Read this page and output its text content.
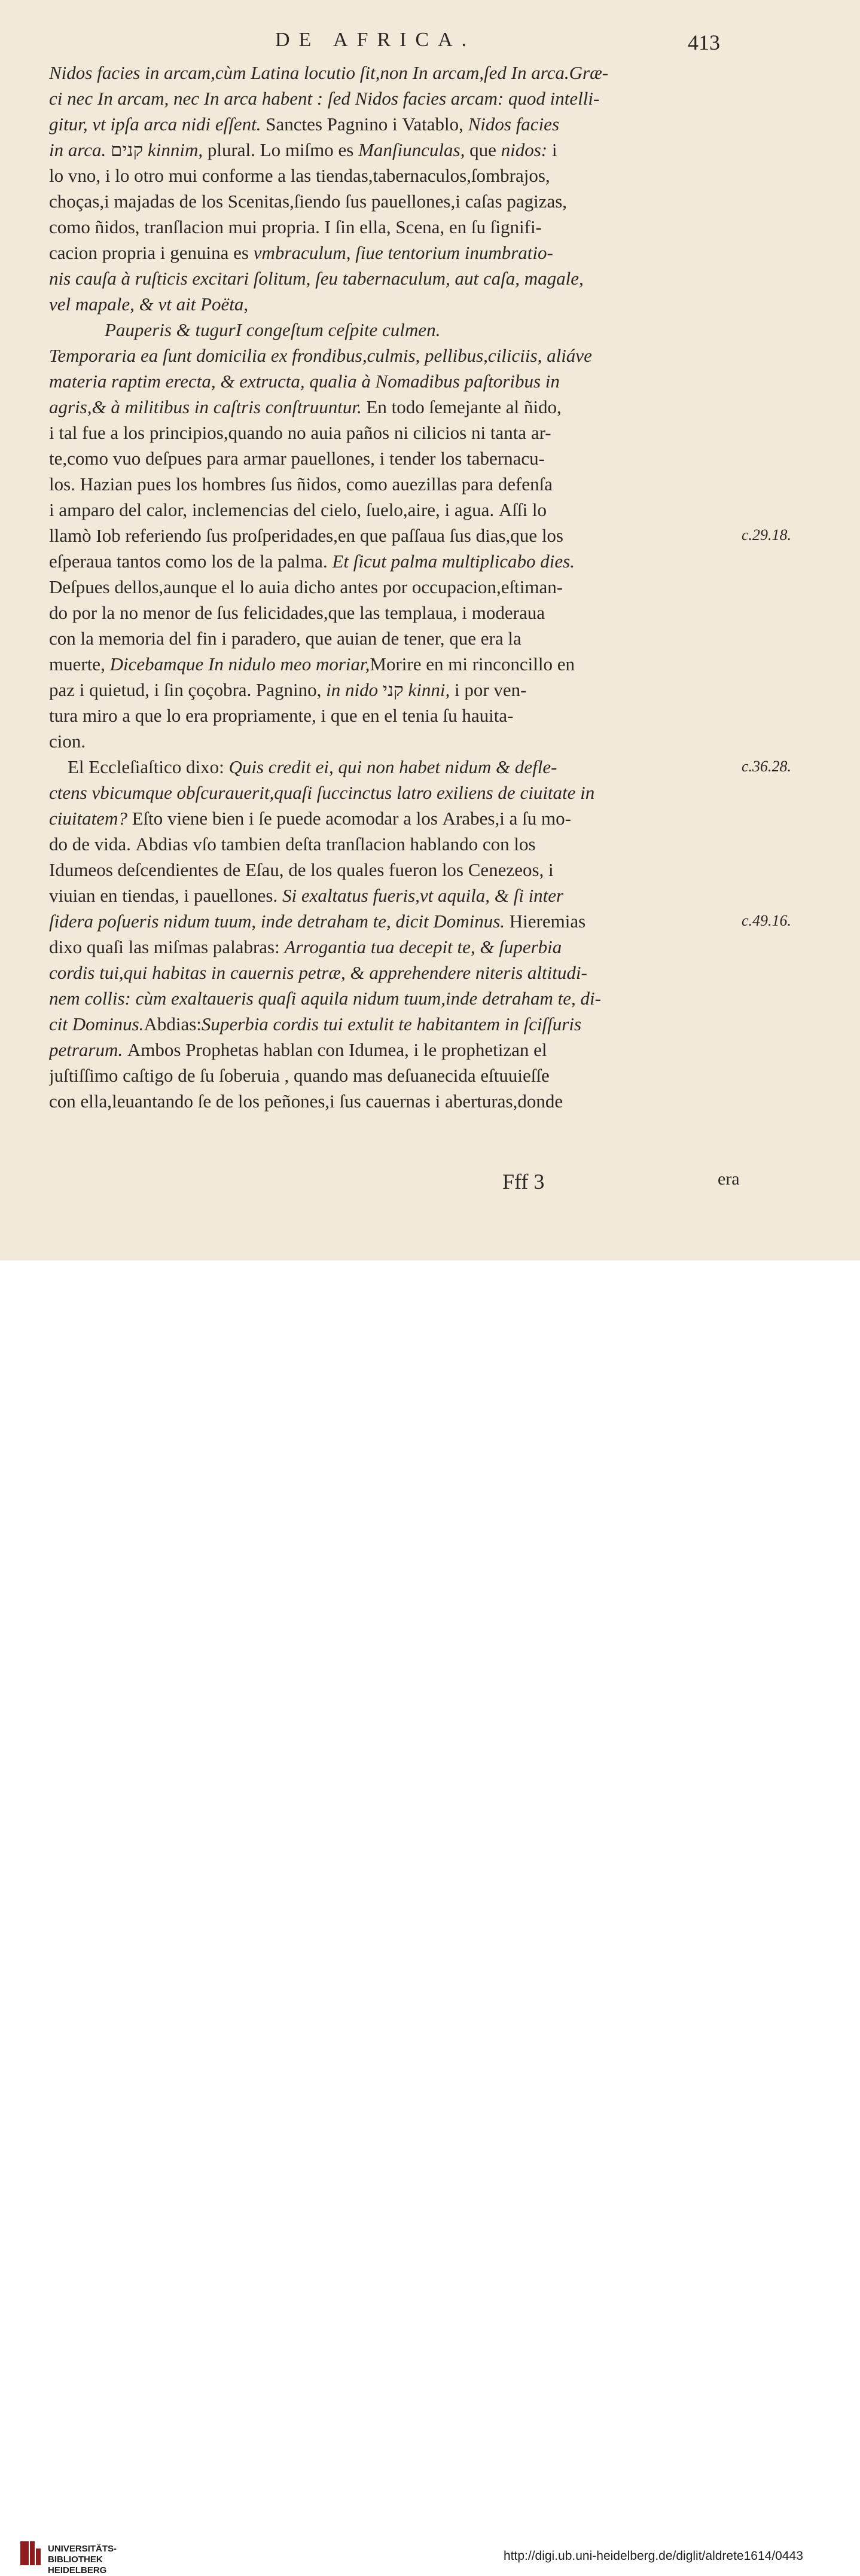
DE AFRICA.	413
Nidos facies in arcam,cùm Latina locutio ſit,non In arcam,ſed In arca.Græ-
ci nec In arcam, nec In arca habent : ſed Nidos facies arcam: quod intelli-
gitur, vt ipſa arca nidi eſſent. Sanctes Pagnino i Vatablo, Nidos facies
in arca. קנים kinnim, plural. Lo miſmo es Manſiunculas, que nidos: i
lo vno, i lo otro mui conforme a las tiendas,tabernaculos,ſombrajos,
choças,i majadas de los Scenitas,ſiendo ſus pauellones,i caſas pagizas,
como ñidos, tranſlacion mui propria. I ſin ella, Scena, en ſu ſignifi-
cacion propria i genuina es vmbraculum, ſiue tentorium inumbratio-
nis cauſa à ruſticis excitari ſolitum, ſeu tabernaculum, aut caſa, magale,
vel mapale, & vt ait Poëta,
Pauperis & tugurI congeſtum ceſpite culmen.
Temporaria ea ſunt domicilia ex frondibus,culmis, pellibus,ciliciis, aliáve
materia raptim erecta, & extructa, qualia à Nomadibus paſtoribus in
agris,& à militibus in caſtris conſtruuntur. En todo ſemejante al ñido,
i tal fue a los principios,quando no auia paños ni cilicios ni tanta ar-
te,como vuo deſpues para armar pauellones, i tender los tabernacu-
los. Hazian pues los hombres ſus ñidos, como auezillas para defenſa
i amparo del calor, inclemencias del cielo, ſuelo,aire, i agua. Aſſi lo
llamò Iob referiendo ſus proſperidades,en que paſſaua ſus dias,que los
eſperaua tantos como los de la palma. Et ſicut palma multiplicabo dies.
Deſpues dellos,aunque el lo auia dicho antes por occupacion,eſtiman-
do por la no menor de ſus felicidades,que las templaua, i moderaua
con la memoria del fin i paradero, que auian de tener, que era la
muerte, Dicebamque In nidulo meo moriar,Morire en mi rinconcillo en
paz i quietud, i ſin çoçobra. Pagnino, in nido קני kinni, i por ven-
tura miro a que lo era propriamente, i que en el tenia ſu hauita-
cion.
El Eccleſiaſtico dixo: Quis credit ei, qui non habet nidum & defle-
ctens vbicumque obſcurauerit,quaſi ſuccinctus latro exiliens de ciuitate in
ciuitatem? Eſto viene bien i ſe puede acomodar a los Arabes,i a ſu mo-
do de vida. Abdias vſo tambien deſta tranſlacion hablando con los
Idumeos deſcendientes de Eſau, de los quales fueron los Cenezeos, i
viuian en tiendas, i pauellones. Si exaltatus fueris,vt aquila, & ſi inter
ſidera poſueris nidum tuum, inde detraham te, dicit Dominus. Hieremias
dixo quaſi las miſmas palabras: Arrogantia tua decepit te, & ſuperbia
cordis tui,qui habitas in cauernis petræ, & apprehendere niteris altitudi-
nem collis: cùm exaltaueris quaſi aquila nidum tuum,inde detraham te, di-
cit Dominus.Abdias:Superbia cordis tui extulit te habitantem in ſciſſuris
petrarum. Ambos Prophetas hablan con Idumea, i le prophetizan el
juſtiſſimo caſtigo de ſu ſoberuia , quando mas deſuanecida eſtuuieſſe
con ella,leuantando ſe de los peñones,i ſus cauernas i aberturas,donde
c.29.18.
c.36.28.
c.49.16.
Fff 3	era
UNIVERSITÄTS-
BIBLIOTHEK
HEIDELBERG
http://digi.ub.uni-heidelberg.de/diglit/aldrete1614/0443
